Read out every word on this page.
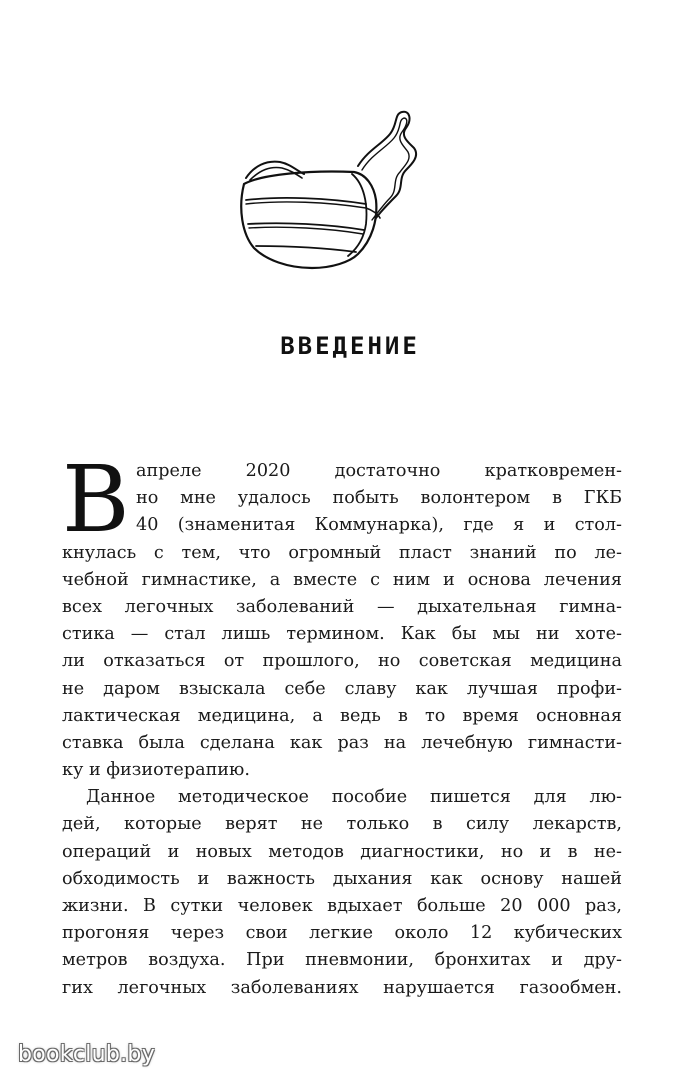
ВВЕДЕНИЕ
В апреле 2020 достаточно кратковремен-
но мне удалось побыть волонтером в ГКБ
40 (знаменитая Коммунарка), где я и стол-
кнулась с тем, что огромный пласт знаний по ле-
чебной гимнастике, а вместе с ним и основа лечения
всех легочных заболеваний — дыхательная гимна-
стика — стал лишь термином. Как бы мы ни хоте-
ли отказаться от прошлого, но советская медицина
не даром взыскала себе славу как лучшая профи-
лактическая медицина, а ведь в то время основная
ставка была сделана как раз на лечебную гимнасти-
ку и физиотерапию.
Данное методическое пособие пишется для лю-
дей, которые верят не только в силу лекарств,
операций и новых методов диагностики, но и в не-
обходимость и важность дыхания как основу нашей
жизни. В сутки человек вдыхает больше 20 000 раз,
прогоняя через свои легкие около 12 кубических
метров воздуха. При пневмонии, бронхитах и дру-
гих легочных заболеваниях нарушается газообмен.
bookclub.by
